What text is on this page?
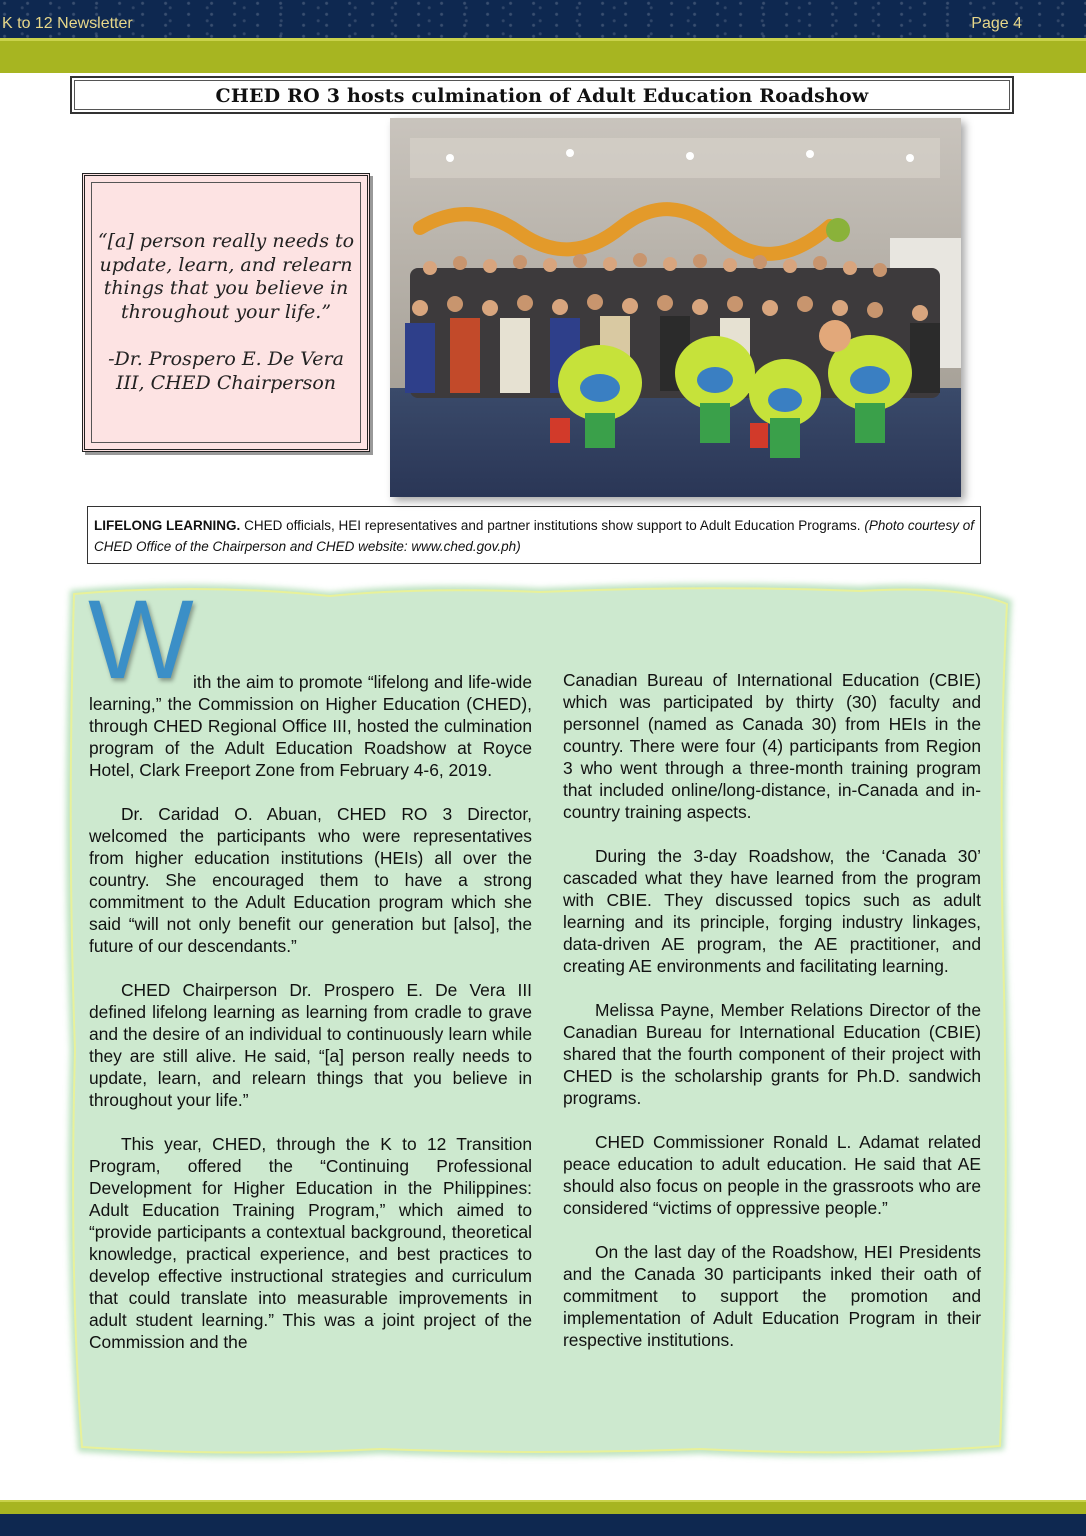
K to 12 Newsletter	Page 4
CHED RO 3 hosts culmination of Adult Education Roadshow
“[a] person really needs to update, learn, and relearn things that you believe in throughout your life.”
-Dr. Prospero E. De Vera III, CHED Chairperson
LIFELONG LEARNING. CHED officials, HEI representatives and partner institutions show support to Adult Education Programs. (Photo courtesy of CHED Office of the Chairperson and CHED website: www.ched.gov.ph)
W ith the aim to promote “lifelong and life-wide learning,” the Commission on Higher Education (CHED), through CHED Regional Office III, hosted the culmination program of the Adult Education Roadshow at Royce Hotel, Clark Freeport Zone from February 4-6, 2019.

Dr. Caridad O. Abuan, CHED RO 3 Director, welcomed the participants who were representatives from higher education institutions (HEIs) all over the country. She encouraged them to have a strong commitment to the Adult Education program which she said “will not only benefit our generation but [also], the future of our descendants.”

CHED Chairperson Dr. Prospero E. De Vera III defined lifelong learning as learning from cradle to grave and the desire of an individual to continuously learn while they are still alive. He said, “[a] person really needs to update, learn, and relearn things that you believe in throughout your life.”

This year, CHED, through the K to 12 Transition Program, offered the “Continuing Professional Development for Higher Education in the Philippines: Adult Education Training Program,” which aimed to “provide participants a contextual background, theoretical knowledge, practical experience, and best practices to develop effective instructional strategies and curriculum that could translate into measurable improvements in adult student learning.” This was a joint project of the Commission and the

Canadian Bureau of International Education (CBIE) which was participated by thirty (30) faculty and personnel (named as Canada 30) from HEIs in the country. There were four (4) participants from Region 3 who went through a three-month training program that included online/long-distance, in-Canada and in-country training aspects.

During the 3-day Roadshow, the ‘Canada 30’ cascaded what they have learned from the program with CBIE. They discussed topics such as adult learning and its principle, forging industry linkages, data-driven AE program, the AE practitioner, and creating AE environments and facilitating learning.

Melissa Payne, Member Relations Director of the Canadian Bureau for International Education (CBIE) shared that the fourth component of their project with CHED is the scholarship grants for Ph.D. sandwich programs.

CHED Commissioner Ronald L. Adamat related peace education to adult education. He said that AE should also focus on people in the grassroots who are considered “victims of oppressive people.”

On the last day of the Roadshow, HEI Presidents and the Canada 30 participants inked their oath of commitment to support the promotion and implementation of Adult Education Program in their respective institutions.
